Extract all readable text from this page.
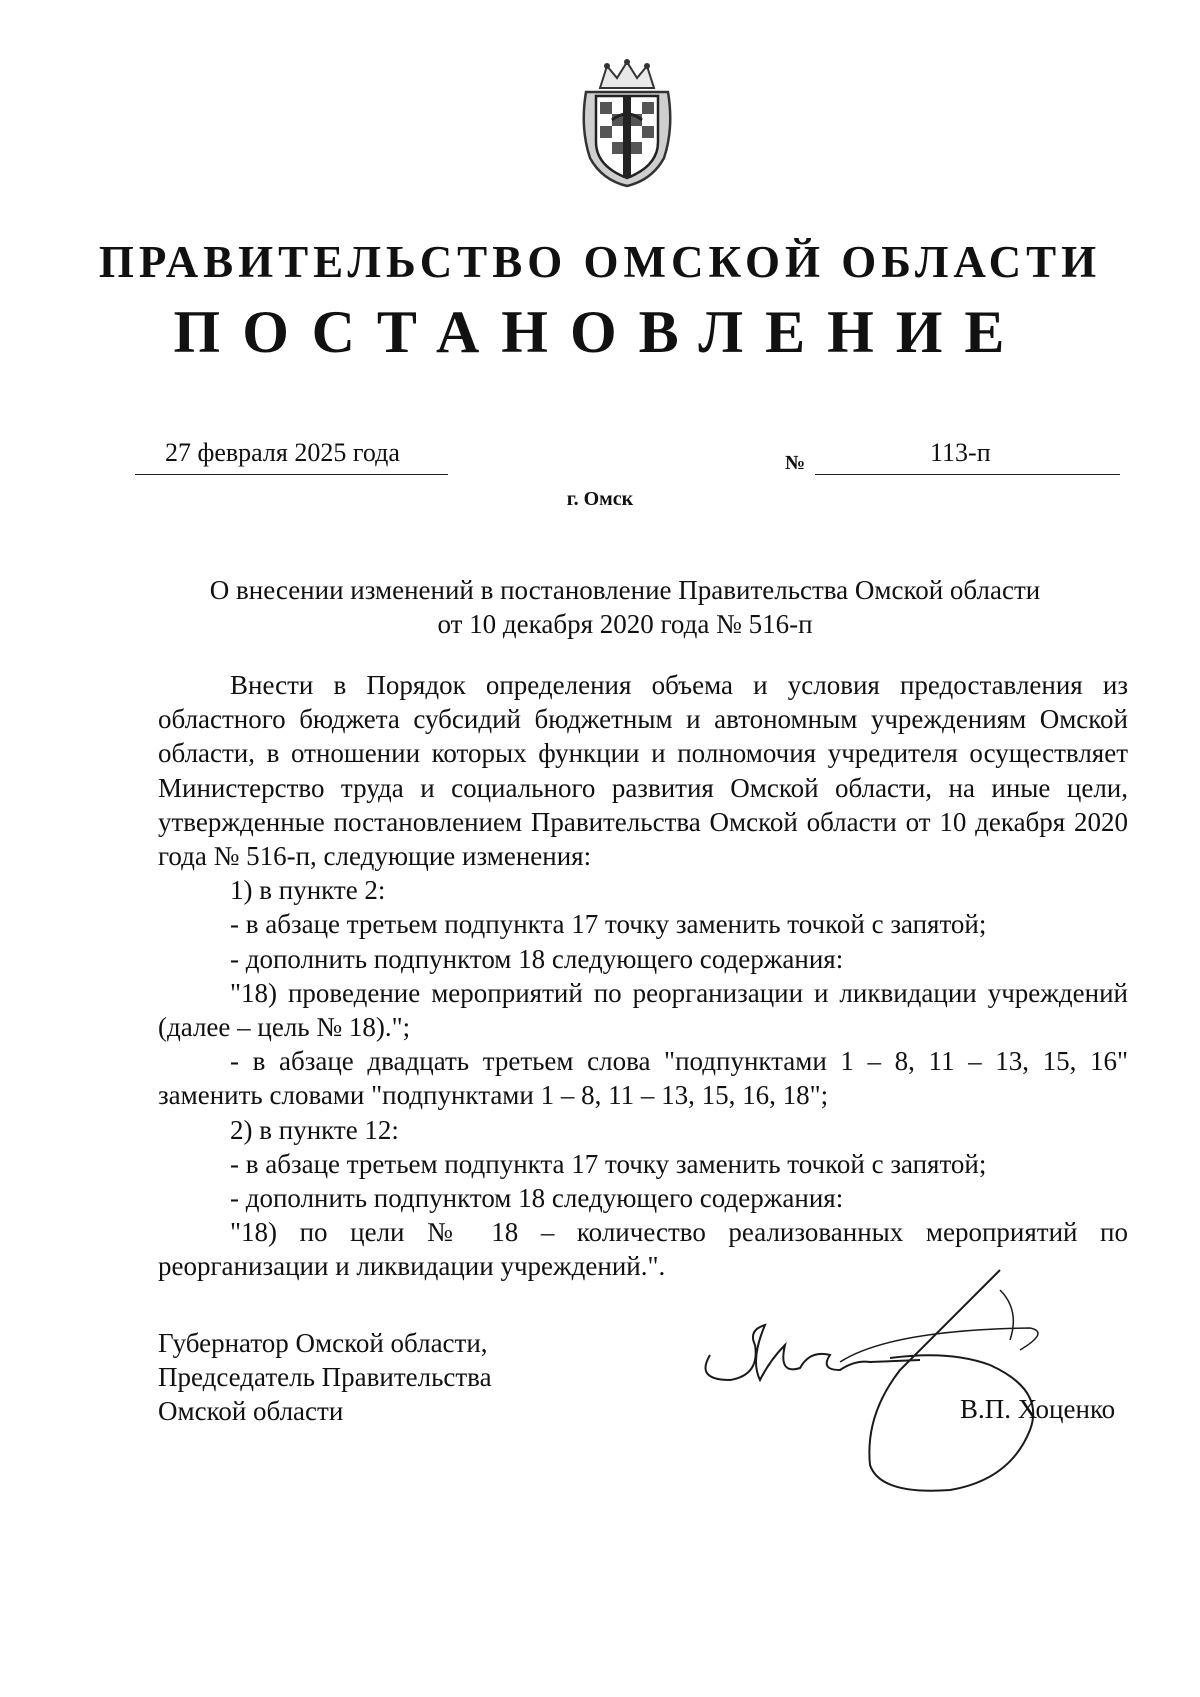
ПРАВИТЕЛЬСТВО ОМСКОЙ ОБЛАСТИ
ПОСТАНОВЛЕНИЕ
27 февраля 2025 года	№	113-п
г. Омск
О внесении изменений в постановление Правительства Омской области
от 10 декабря 2020 года № 516-п

Внести в Порядок определения объема и условия предоставления из областного бюджета субсидий бюджетным и автономным учреждениям Омской области, в отношении которых функции и полномочия учредителя осуществляет Министерство труда и социального развития Омской области, на иные цели, утвержденные постановлением Правительства Омской области от 10 декабря 2020 года № 516-п, следующие изменения:

1) в пункте 2:

- в абзаце третьем подпункта 17 точку заменить точкой с запятой;

- дополнить подпунктом 18 следующего содержания:

"18) проведение мероприятий по реорганизации и ликвидации учреждений (далее – цель № 18).";

- в абзаце двадцать третьем слова "подпунктами 1 – 8, 11 – 13, 15, 16" заменить словами "подпунктами 1 – 8, 11 – 13, 15, 16, 18";

2) в пункте 12:

- в абзаце третьем подпункта 17 точку заменить точкой с запятой;

- дополнить подпунктом 18 следующего содержания:

"18) по цели № 18 – количество реализованных мероприятий по реорганизации и ликвидации учреждений.".

Губернатор Омской области,
Председатель Правительства
Омской области	В.П. Хоценко
